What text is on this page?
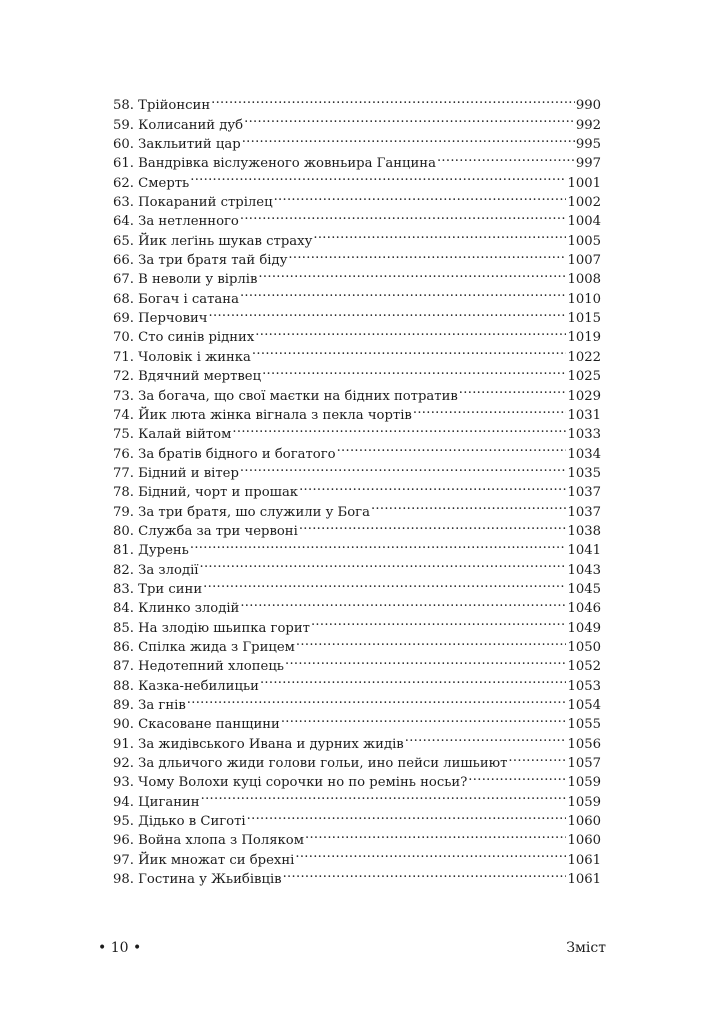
58. Трійонсин . . .	990
59. Колисаний дуб . . .	992
60. Закльитий цар . . .	995
61. Вандрівка віслуженого жовньира Ганцина . . .	997
62. Смерть . . .	1001
63. Покараний стрілец . . .	1002
64. За нетленного . . .	1004
65. Йик леґінь шукав страху . . .	1005
66. За три братя тай біду . . .	1007
67. В неволи у вірлів . . .	1008
68. Богач і сатана . . .	1010
69. Перчович . . .	1015
70. Сто синів рідних . . .	1019
71. Чоловік і жинка . . .	1022
72. Вдячний мертвец . . .	1025
73. За богача, що свої маєтки на бідних потратив . . .	1029
74. Йик люта жінка вігнала з пекла чортів . . .	1031
75. Калай війтом . . .	1033
76. За братів бідного и богатого . . .	1034
77. Бідний и вітер . . .	1035
78. Бідний, чорт и прошак . . .	1037
79. За три братя, шо служили у Бога . . .	1037
80. Служба за три червоні . . .	1038
81. Дурень . . .	1041
82. За злодії . . .	1043
83. Три сини . . .	1045
84. Клинко злодій . . .	1046
85. На злодію шьипка горит . . .	1049
86. Спілка жида з Грицем . . .	1050
87. Недотепний хлопець . . .	1052
88. Казка-небилицьи . . .	1053
89. За гнів . . .	1054
90. Скасоване панщини . . .	1055
91. За жидівського Ивана и дурних жидів . . .	1056
92. За дльичого жиди голови гольи, ино пейси лишьиют . . .	1057
93. Чому Волохи куці сорочки но по ремінь носьи? . . .	1059
94. Циганин . . .	1059
95. Дідько в Сиготі . . .	1060
96. Война хлопа з Поляком . . .	1060
97. Йик множат си брехні . . .	1061
98. Гостина у Жьибівців . . .	1061
• 10 •	Зміст
